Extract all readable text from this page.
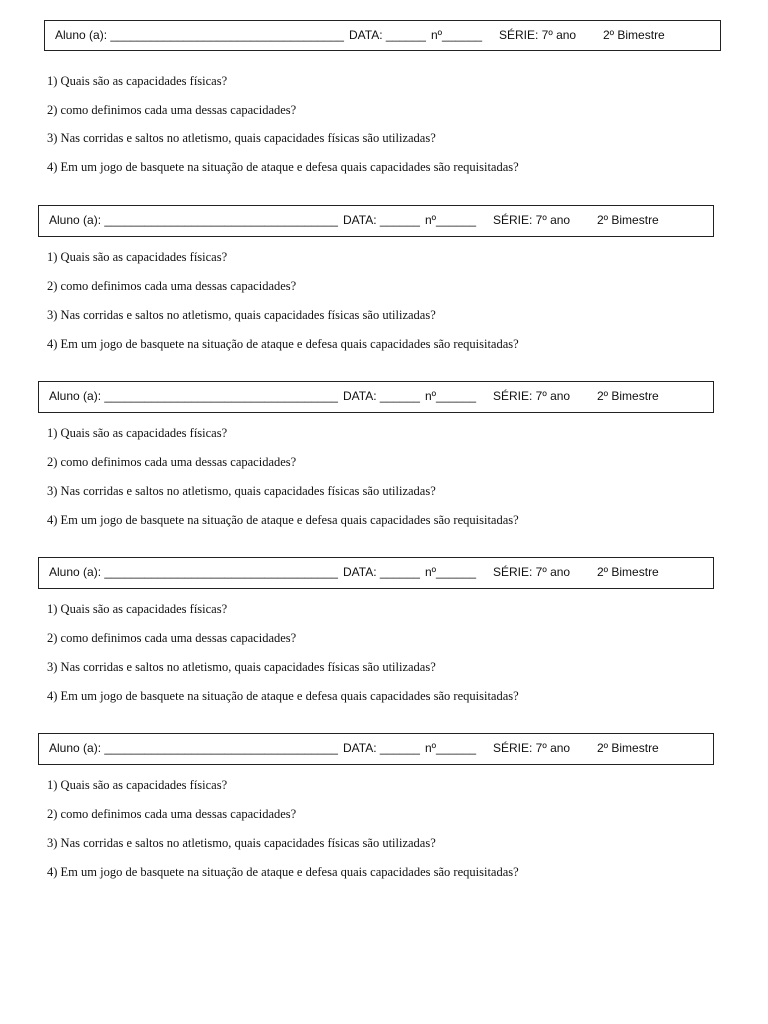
Aluno (a): ___________________________________ DATA: ______ nº______ SÉRIE: 7º ano 2º Bimestre
1) Quais são as capacidades físicas?
2) como definimos cada uma dessas capacidades?
3) Nas corridas e saltos no atletismo, quais capacidades físicas são utilizadas?
4) Em um jogo de basquete na situação de ataque e defesa quais capacidades são requisitadas?
Aluno (a): ___________________________________ DATA: ______ nº______ SÉRIE: 7º ano 2º Bimestre
1) Quais são as capacidades físicas?
2) como definimos cada uma dessas capacidades?
3) Nas corridas e saltos no atletismo, quais capacidades físicas são utilizadas?
4) Em um jogo de basquete na situação de ataque e defesa quais capacidades são requisitadas?
Aluno (a): ___________________________________ DATA: ______ nº______ SÉRIE: 7º ano 2º Bimestre
1) Quais são as capacidades físicas?
2) como definimos cada uma dessas capacidades?
3) Nas corridas e saltos no atletismo, quais capacidades físicas são utilizadas?
4) Em um jogo de basquete na situação de ataque e defesa quais capacidades são requisitadas?
Aluno (a): ___________________________________ DATA: ______ nº______ SÉRIE: 7º ano 2º Bimestre
1) Quais são as capacidades físicas?
2) como definimos cada uma dessas capacidades?
3) Nas corridas e saltos no atletismo, quais capacidades físicas são utilizadas?
4) Em um jogo de basquete na situação de ataque e defesa quais capacidades são requisitadas?
Aluno (a): ___________________________________ DATA: ______ nº______ SÉRIE: 7º ano 2º Bimestre
1) Quais são as capacidades físicas?
2) como definimos cada uma dessas capacidades?
3) Nas corridas e saltos no atletismo, quais capacidades físicas são utilizadas?
4) Em um jogo de basquete na situação de ataque e defesa quais capacidades são requisitadas?
